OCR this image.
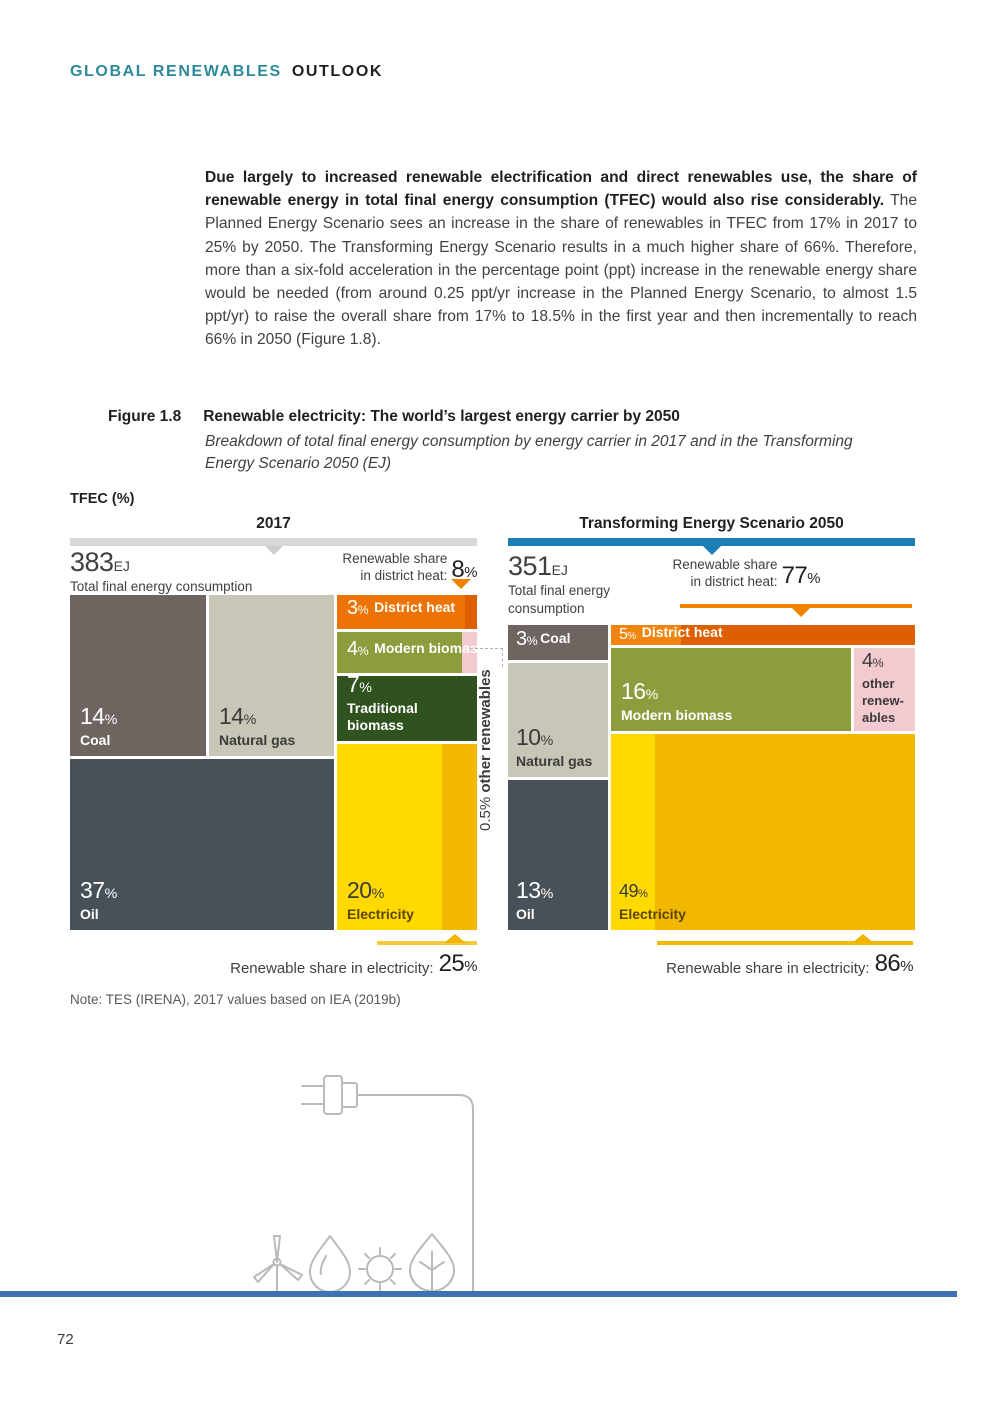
GLOBAL RENEWABLES OUTLOOK

Due largely to increased renewable electrification and direct renewables use, the share of renewable energy in total final energy consumption (TFEC) would also rise considerably. The Planned Energy Scenario sees an increase in the share of renewables in TFEC from 17% in 2017 to 25% by 2050. The Transforming Energy Scenario results in a much higher share of 66%. Therefore, more than a six-fold acceleration in the percentage point (ppt) increase in the renewable energy share would be needed (from around 0.25 ppt/yr increase in the Planned Energy Scenario, to almost 1.5 ppt/yr) to raise the overall share from 17% to 18.5% in the first year and then incrementally to reach 66% in 2050 (Figure 1.8).

Figure 1.8 Renewable electricity: The world’s largest energy carrier by 2050
Breakdown of total final energy consumption by energy carrier in 2017 and in the Transforming Energy Scenario 2050 (EJ)
TFEC (%)
2017
383EJ
Total final energy consumption
Renewable share
in district heat: 8%
14%
Coal
14%
Natural gas
37%
Oil
3% District heat
4% Modern biomass
7%
Traditional biomass
20%
Electricity
Renewable share in electricity: 25%
0.5% other renewables
Transforming Energy Scenario 2050
351EJ
Total final energy
consumption
Renewable share
in district heat: 77%
3% Coal
10%
Natural gas
13%
Oil
5% District heat
16%
Modern biomass
4%
other
renew-
ables
49%
Electricity
Renewable share in electricity: 86%
Note: TES (IRENA), 2017 values based on IEA (2019b)
72
